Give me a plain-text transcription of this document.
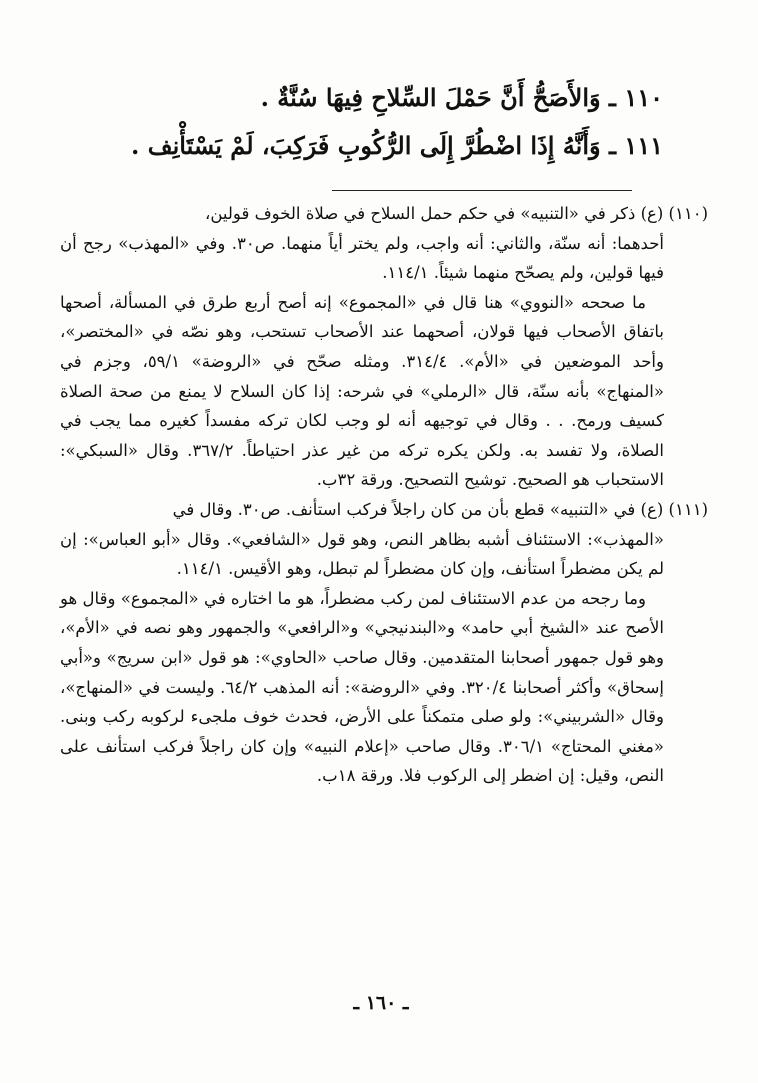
١١٠ ـ وَالأَصَحُّ أَنَّ حَمْلَ السِّلاحِ فِيهَا سُنَّةٌ .
١١١ ـ وَأَنَّهُ إِذَا اضْطُرَّ إِلَى الرُّكُوبِ فَرَكِبَ، لَمْ يَسْتَأْنِف .

(١١٠) (ع) ذكر في «التنبيه» في حكم حمل السلاح في صلاة الخوف قولين،

أحدهما: أنه سنّة، والثاني: أنه واجب، ولم يختر أياً منهما. ص٣٠. وفي «المهذب» رجح أن فيها قولين، ولم يصحّح منهما شيئاً. ١١٤/١.

ما صححه «النووي» هنا قال في «المجموع» إنه أصح أربع طرق في المسألة، أصحها باتفاق الأصحاب فيها قولان، أصحهما عند الأصحاب تستحب، وهو نصّه في «المختصر»، وأحد الموضعين في «الأم». ٣١٤/٤. ومثله صحّح في «الروضة» ٥٩/١، وجزم في «المنهاج» بأنه سنّة، قال «الرملي» في شرحه: إذا كان السلاح لا يمنع من صحة الصلاة كسيف ورمح. . . وقال في توجيهه أنه لو وجب لكان تركه مفسداً كغيره مما يجب في الصلاة، ولا تفسد به. ولكن يكره تركه من غير عذر احتياطاً. ٣٦٧/٢. وقال «السبكي»: الاستحباب هو الصحيح. توشيح التصحيح. ورقة ٣٢ب.

(١١١) (ع) في «التنبيه» قطع بأن من كان راجلاً فركب استأنف. ص٣٠. وقال في

«المهذب»: الاستئناف أشبه بظاهر النص، وهو قول «الشافعي». وقال «أبو العباس»: إن لم يكن مضطراً استأنف، وإن كان مضطراً لم تبطل، وهو الأقيس. ١١٤/١.

وما رجحه من عدم الاستئناف لمن ركب مضطراً، هو ما اختاره في «المجموع» وقال هو الأصح عند «الشيخ أبي حامد» و«البندنيجي» و«الرافعي» والجمهور وهو نصه في «الأم»، وهو قول جمهور أصحابنا المتقدمين. وقال صاحب «الحاوي»: هو قول «ابن سريج» و«أبي إسحاق» وأكثر أصحابنا ٣٢٠/٤. وفي «الروضة»: أنه المذهب ٦٤/٢. وليست في «المنهاج»، وقال «الشربيني»: ولو صلى متمكناً على الأرض، فحدث خوف ملجىء لركوبه ركب وبنى. «مغني المحتاج» ٣٠٦/١. وقال صاحب «إعلام النبيه» وإن كان راجلاً فركب استأنف على النص، وقيل: إن اضطر إلى الركوب فلا. ورقة ١٨ب.

ـ ١٦٠ ـ
